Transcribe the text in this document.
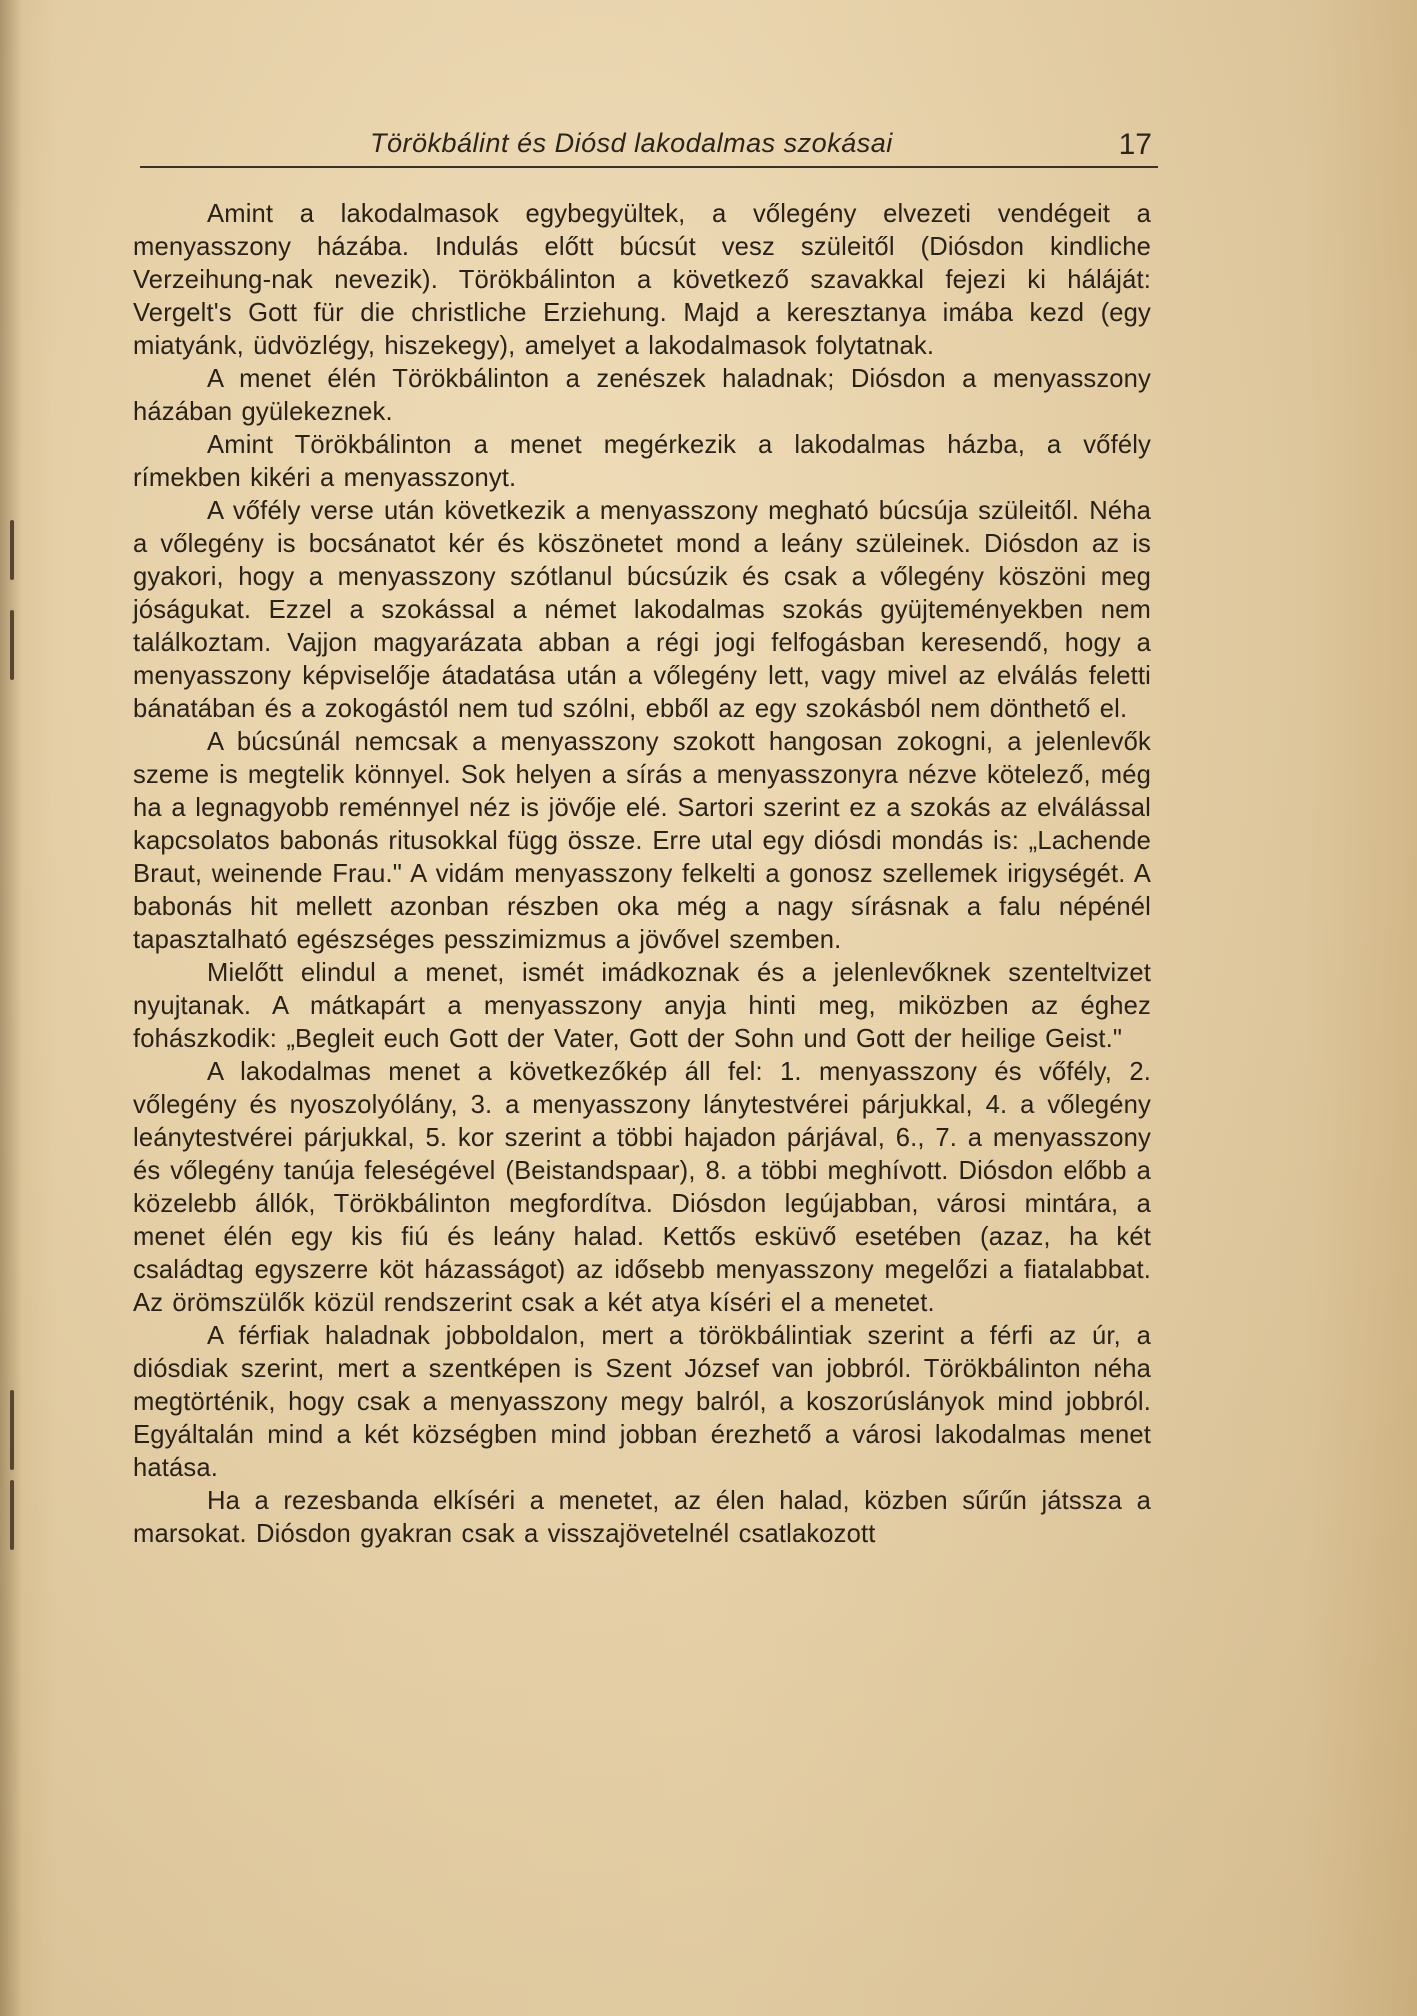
Törökbálint és Diósd lakodalmas szokásai	17

Amint a lakodalmasok egybegyültek, a vőlegény elvezeti vendégeit a menyasszony házába. Indulás előtt búcsút vesz szüleitől (Diósdon kindliche Verzeihung-nak nevezik). Törökbálinton a következő szavakkal fejezi ki háláját: Vergelt's Gott für die christliche Erziehung. Majd a keresztanya imába kezd (egy miatyánk, üdvözlégy, hiszekegy), amelyet a lakodalmasok folytatnak.

A menet élén Törökbálinton a zenészek haladnak; Diósdon a menyasszony házában gyülekeznek.

Amint Törökbálinton a menet megérkezik a lakodalmas házba, a vőfély rímekben kikéri a menyasszonyt.

A vőfély verse után következik a menyasszony megható búcsúja szüleitől. Néha a vőlegény is bocsánatot kér és köszönetet mond a leány szüleinek. Diósdon az is gyakori, hogy a menyasszony szótlanul búcsúzik és csak a vőlegény köszöni meg jóságukat. Ezzel a szokással a német lakodalmas szokás gyüjteményekben nem találkoztam. Vajjon magyarázata abban a régi jogi felfogásban keresendő, hogy a menyasszony képviselője átadatása után a vőlegény lett, vagy mivel az elválás feletti bánatában és a zokogástól nem tud szólni, ebből az egy szokásból nem dönthető el.

A búcsúnál nemcsak a menyasszony szokott hangosan zokogni, a jelenlevők szeme is megtelik könnyel. Sok helyen a sírás a menyasszonyra nézve kötelező, még ha a legnagyobb reménnyel néz is jövője elé. Sartori szerint ez a szokás az elválással kapcsolatos babonás ritusokkal függ össze. Erre utal egy diósdi mondás is: „Lachende Braut, weinende Frau." A vidám menyasszony felkelti a gonosz szellemek irigységét. A babonás hit mellett azonban részben oka még a nagy sírásnak a falu népénél tapasztalható egészséges pesszimizmus a jövővel szemben.

Mielőtt elindul a menet, ismét imádkoznak és a jelenlevőknek szenteltvizet nyujtanak. A mátkapárt a menyasszony anyja hinti meg, miközben az éghez fohászkodik: „Begleit euch Gott der Vater, Gott der Sohn und Gott der heilige Geist."

A lakodalmas menet a következőkép áll fel: 1. menyasszony és vőfély, 2. vőlegény és nyoszolyólány, 3. a menyasszony lánytestvérei párjukkal, 4. a vőlegény leánytestvérei párjukkal, 5. kor szerint a többi hajadon párjával, 6., 7. a menyasszony és vőlegény tanúja feleségével (Beistandspaar), 8. a többi meghívott. Diósdon előbb a közelebb állók, Törökbálinton megfordítva. Diósdon legújabban, városi mintára, a menet élén egy kis fiú és leány halad. Kettős esküvő esetében (azaz, ha két családtag egyszerre köt házasságot) az idősebb menyasszony megelőzi a fiatalabbat. Az örömszülők közül rendszerint csak a két atya kíséri el a menetet.

A férfiak haladnak jobboldalon, mert a törökbálintiak szerint a férfi az úr, a diósdiak szerint, mert a szentképen is Szent József van jobbról. Törökbálinton néha megtörténik, hogy csak a menyasszony megy balról, a koszorúslányok mind jobbról. Egyáltalán mind a két községben mind jobban érezhető a városi lakodalmas menet hatása.

Ha a rezesbanda elkíséri a menetet, az élen halad, közben sűrűn játssza a marsokat. Diósdon gyakran csak a visszajövetelnél csatlakozott
